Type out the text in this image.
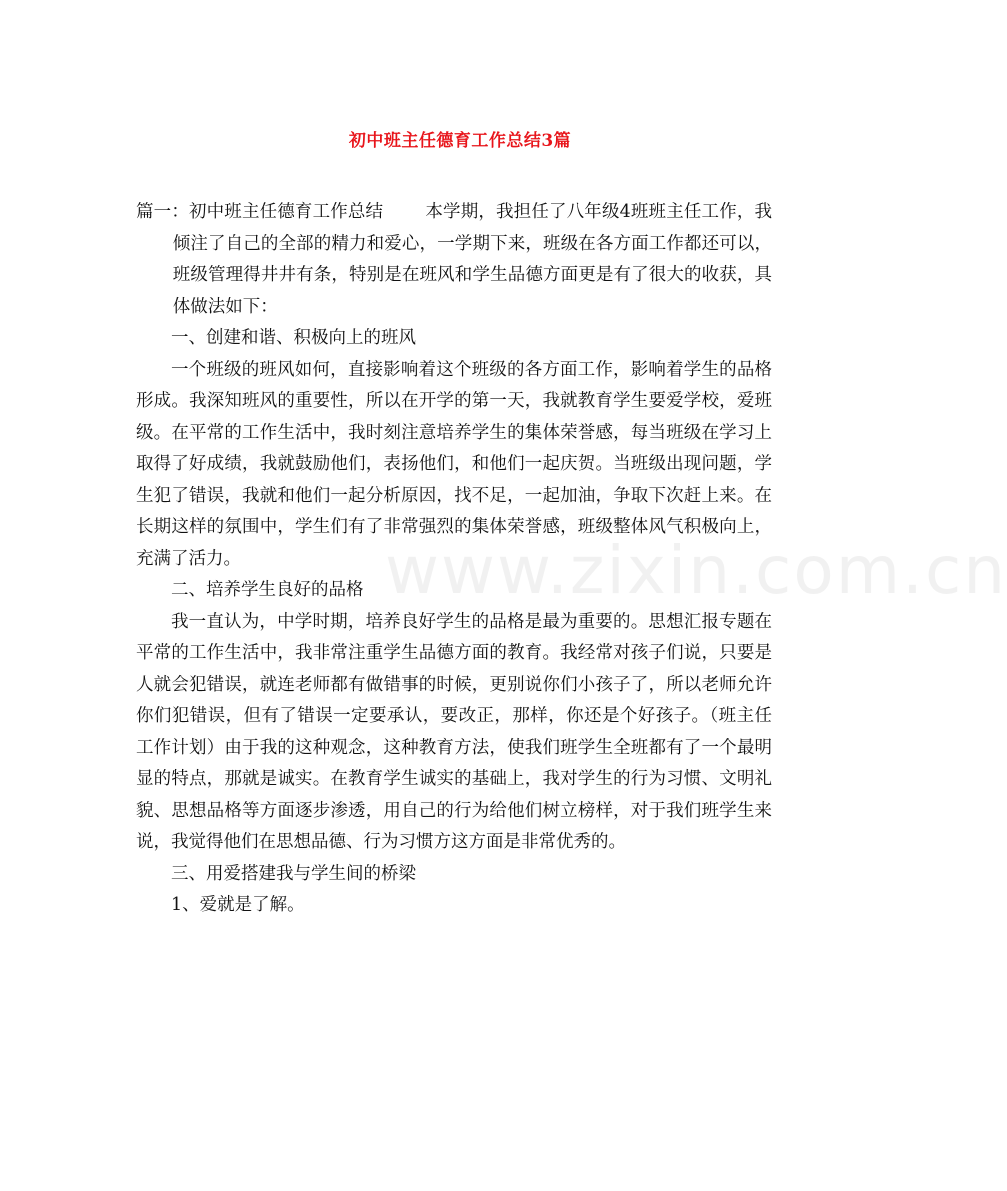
初中班主任德育工作总结3篇
www.zixin.com.cn

篇一：初中班主任德育工作总结 本学期，我担任了八年级4班班主任工作，我倾注了自己的全部的精力和爱心，一学期下来，班级在各方面工作都还可以，班级管理得井井有条，特别是在班风和学生品德方面更是有了很大的收获，具体做法如下：

一、创建和谐、积极向上的班风

一个班级的班风如何，直接影响着这个班级的各方面工作，影响着学生的品格形成。我深知班风的重要性，所以在开学的第一天，我就教育学生要爱学校，爱班级。在平常的工作生活中，我时刻注意培养学生的集体荣誉感，每当班级在学习上取得了好成绩，我就鼓励他们，表扬他们，和他们一起庆贺。当班级出现问题，学生犯了错误，我就和他们一起分析原因，找不足，一起加油，争取下次赶上来。在长期这样的氛围中，学生们有了非常强烈的集体荣誉感，班级整体风气积极向上，充满了活力。

二、培养学生良好的品格

我一直认为，中学时期，培养良好学生的品格是最为重要的。思想汇报专题在平常的工作生活中，我非常注重学生品德方面的教育。我经常对孩子们说，只要是人就会犯错误，就连老师都有做错事的时候，更别说你们小孩子了，所以老师允许你们犯错误，但有了错误一定要承认，要改正，那样，你还是个好孩子。（班主任工作计划）由于我的这种观念，这种教育方法，使我们班学生全班都有了一个最明显的特点，那就是诚实。在教育学生诚实的基础上，我对学生的行为习惯、文明礼貌、思想品格等方面逐步渗透，用自己的行为给他们树立榜样，对于我们班学生来说，我觉得他们在思想品德、行为习惯方这方面是非常优秀的。

三、用爱搭建我与学生间的桥梁

1、爱就是了解。
